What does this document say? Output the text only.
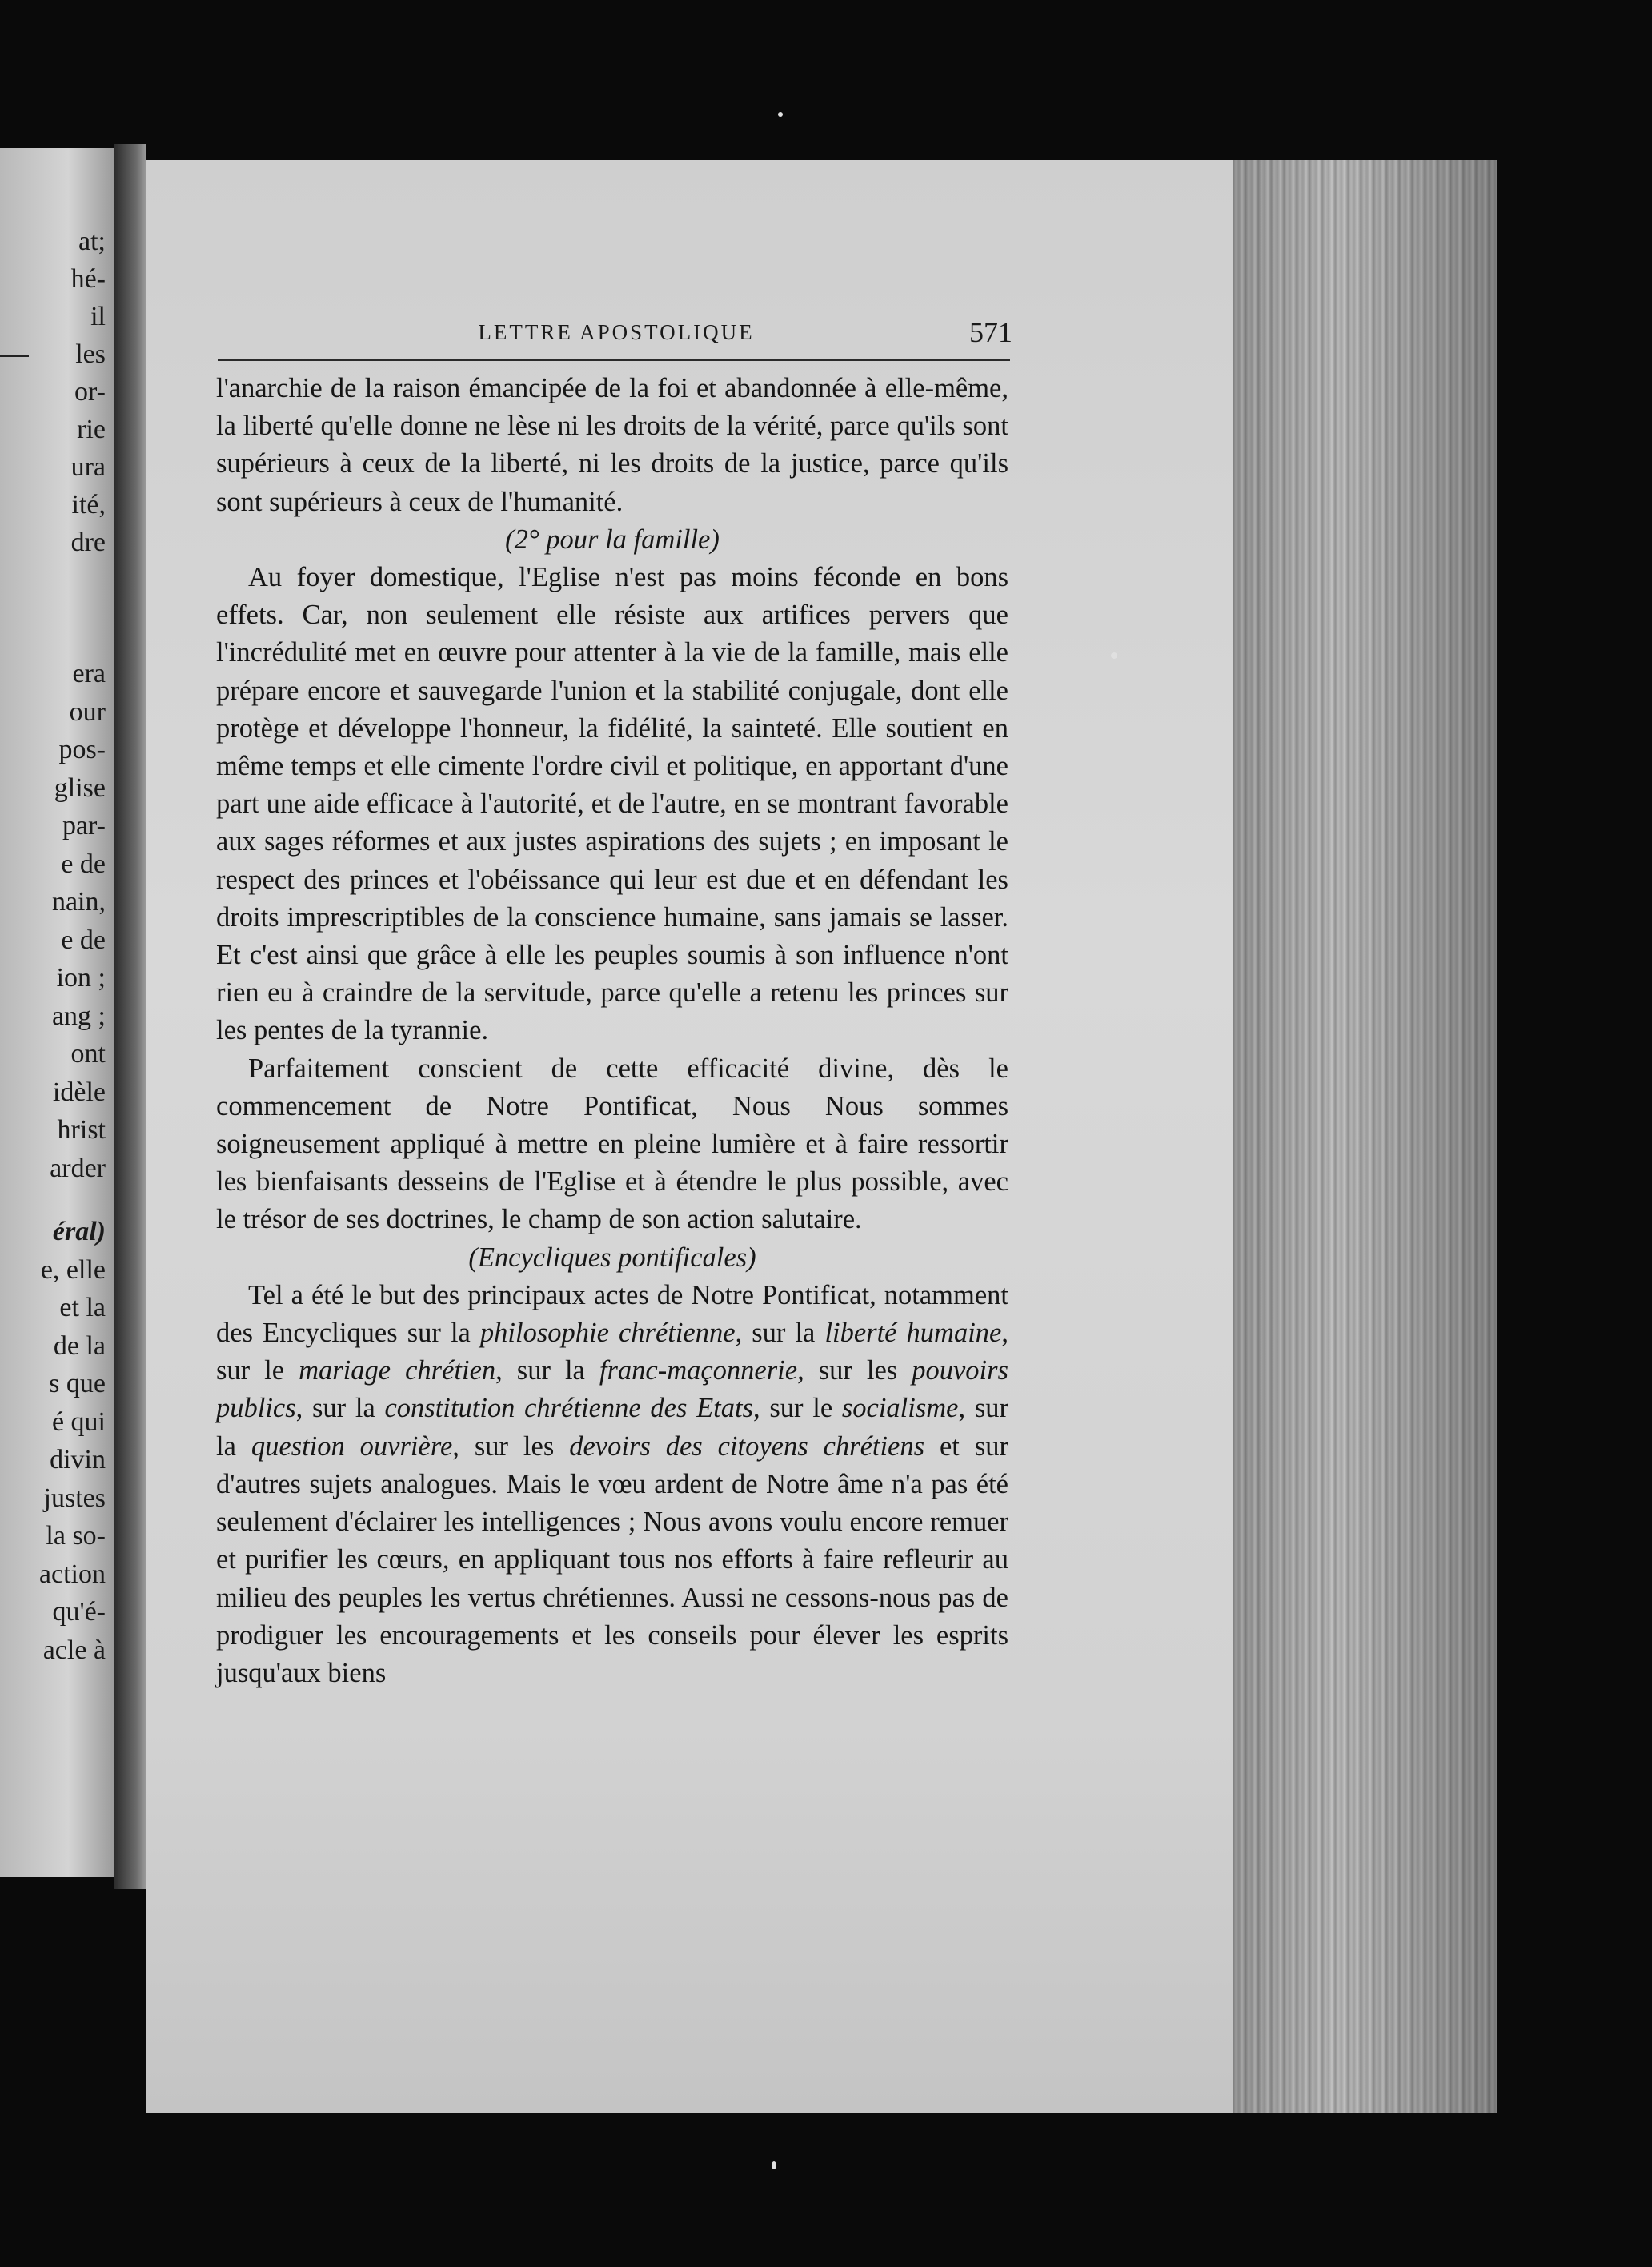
at;
hé-
il
les
or-
rie
ura
ité,
dre
era
our
pos-
glise
par-
e de
nain,
e de
ion ;
ang ;
ont
idèle
hrist
arder
éral)
e, elle
et la
de la
s que
é qui
divin
justes
la so-
action
qu'é-
acle à
LETTRE APOSTOLIQUE	571

l'anarchie de la raison émancipée de la foi et abandonnée à elle-même, la liberté qu'elle donne ne lèse ni les droits de la vérité, parce qu'ils sont supérieurs à ceux de la liberté, ni les droits de la justice, parce qu'ils sont supérieurs à ceux de l'humanité.

(2° pour la famille)

Au foyer domestique, l'Eglise n'est pas moins féconde en bons effets. Car, non seulement elle résiste aux artifices pervers que l'incrédulité met en œuvre pour attenter à la vie de la famille, mais elle prépare encore et sauvegarde l'union et la stabilité conjugale, dont elle protège et développe l'honneur, la fidélité, la sainteté. Elle soutient en même temps et elle cimente l'ordre civil et politique, en apportant d'une part une aide efficace à l'autorité, et de l'autre, en se montrant favorable aux sages réformes et aux justes aspirations des sujets ; en imposant le respect des princes et l'obéissance qui leur est due et en défendant les droits imprescriptibles de la conscience humaine, sans jamais se lasser. Et c'est ainsi que grâce à elle les peuples soumis à son influence n'ont rien eu à craindre de la servitude, parce qu'elle a retenu les princes sur les pentes de la tyrannie.

Parfaitement conscient de cette efficacité divine, dès le commencement de Notre Pontificat, Nous Nous sommes soigneusement appliqué à mettre en pleine lumière et à faire ressortir les bienfaisants desseins de l'Eglise et à étendre le plus possible, avec le trésor de ses doctrines, le champ de son action salutaire.

(Encycliques pontificales)

Tel a été le but des principaux actes de Notre Pontificat, notamment des Encycliques sur la philosophie chrétienne, sur la liberté humaine, sur le mariage chrétien, sur la franc-maçonnerie, sur les pouvoirs publics, sur la constitution chrétienne des Etats, sur le socialisme, sur la question ouvrière, sur les devoirs des citoyens chrétiens et sur d'autres sujets analogues. Mais le vœu ardent de Notre âme n'a pas été seulement d'éclairer les intelligences ; Nous avons voulu encore remuer et purifier les cœurs, en appliquant tous nos efforts à faire refleurir au milieu des peuples les vertus chrétiennes. Aussi ne cessons-nous pas de prodiguer les encouragements et les conseils pour élever les esprits jusqu'aux biens
